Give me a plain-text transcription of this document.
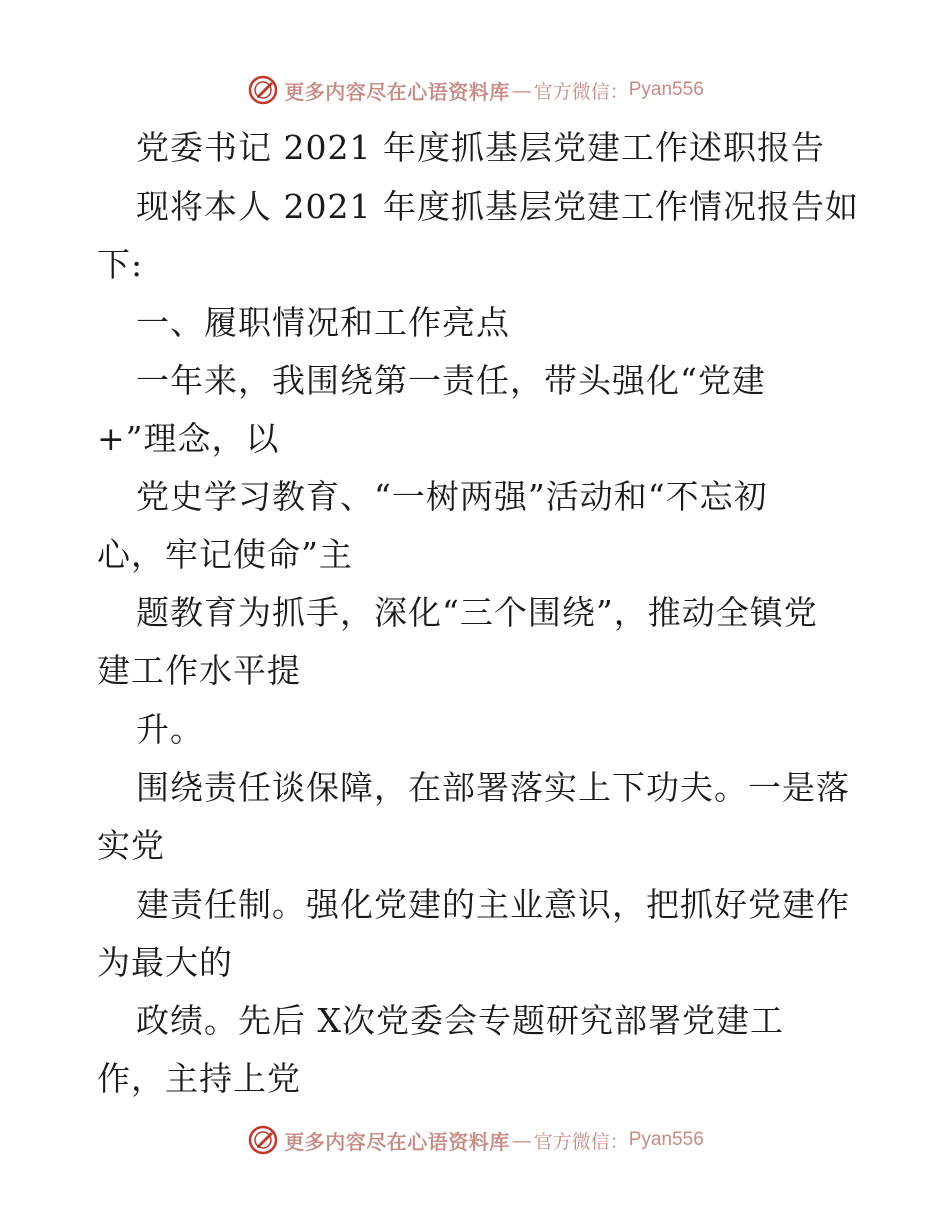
更多内容尽在心语资料库 — 官方微信： Pyan556
党委书记 2021 年度抓基层党建工作述职报告
现将本人 2021 年度抓基层党建工作情况报告如
下:
一、履职情况和工作亮点
一年来，我围绕第一责任，带头强化“党建
+”理念，以
党史学习教育、“一树两强”活动和“不忘初
心，牢记使命”主
题教育为抓手，深化“三个围绕”，推动全镇党
建工作水平提
升。
围绕责任谈保障，在部署落实上下功夫。一是落
实党
建责任制。强化党建的主业意识，把抓好党建作
为最大的
政绩。先后 X次党委会专题研究部署党建工
作，主持上党
更多内容尽在心语资料库 — 官方微信： Pyan556
